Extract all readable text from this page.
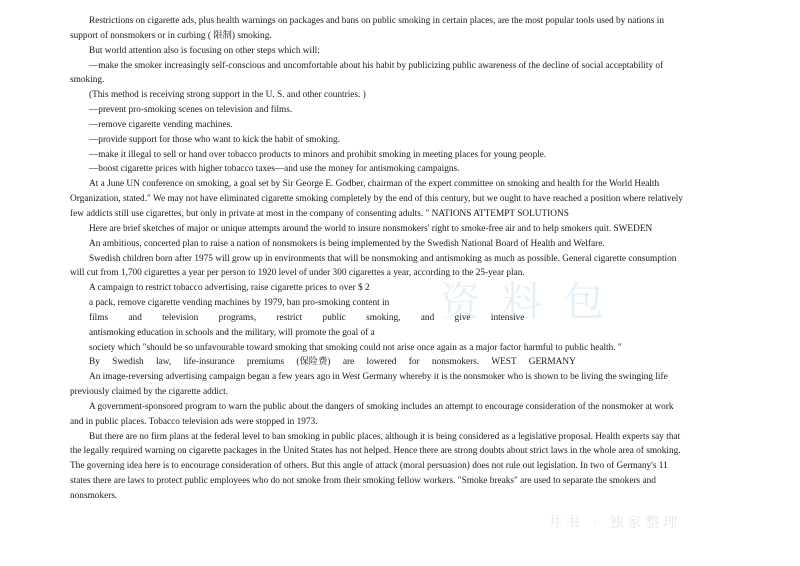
Restrictions on cigarette ads, plus health warnings on packages and bans on public smoking in certain places, are the most popular tools used by nations in
support of nonsmokers or in curbing ( 限制) smoking.
But world attention also is focusing on other steps which will:
—make the smoker increasingly self-conscious and uncomfortable about his habit by publicizing public awareness of the decline of social acceptability of
smoking.
(This method is receiving strong support in the U. S. and other countries. )
—prevent pro-smoking scenes on television and films.
—remove cigarette vending machines.
—provide support for those who want to kick the habit of smoking.
—make it illegal to sell or hand over tobacco products to minors and prohibit smoking in meeting places for young people.
—boost cigarette prices with higher tobacco taxes—and use the money for antismoking campaigns.
At a June UN conference on smoking, a goal set by Sir George E. Godber, chairman of the expert committee on smoking and health for the World Health
Organization, stated." We may not have eliminated cigarette smoking completely by the end of this century, but we ought to have reached a position where relatively
few addicts still use cigarettes, but only in private at most in the company of consenting adults. " NATIONS ATTEMPT SOLUTIONS
Here are brief sketches of major or unique attempts around the world to insure nonsmokers' right to smoke-free air and to help smokers quit. SWEDEN
An ambitious, concerted plan to raise a nation of nonsmokers is being implemented by the Swedish National Board of Health and Welfare.
Swedish children born after 1975 will grow up in environments that will be nonsmoking and antismoking as much as possible. General cigarette consumption
will cut from 1,700 cigarettes a year per person to 1920 level of under 300 cigarettes a year, according to the 25-year plan.
A campaign to restrict tobacco advertising, raise cigarette prices to over $ 2
a pack, remove cigarette vending machines by 1979, ban pro-smoking content in
films and television programs, restrict public smoking, and give intensive
antismoking education in schools and the military, will promote the goal of a
society which "should be so unfavourable toward smoking that smoking could not arise once again as a major factor harmful to public health. "
By Swedish law, life-insurance premiums (保险费) are lowered for nonsmokers. WEST GERMANY
An image-reversing advertising campaign began a few years ago in West Germany whereby it is the nonsmoker who is shown to be living the swinging life
previously claimed by the cigarette addict.
A government-sponsored program to warn the public about the dangers of smoking includes an attempt to encourage consideration of the nonsmoker at work
and in public places. Tobacco television ads were stopped in 1973.
But there are no firm plans at the federal level to ban smoking in public places, although it is being considered as a legislative proposal. Health experts say that
the legally required warning on cigarette packages in the United States has not helped. Hence there are strong doubts about strict laws in the whole area of smoking.
The governing idea here is to encourage consideration of others. But this angle of attack (moral persuasion) does not rule out legislation. In two of Germany's 11
states there are laws to protect public employees who do not smoke from their smoking fellow workers. "Smoke breaks" are used to separate the smokers and
nonsmokers.
资料包
井书 · 独家整理
